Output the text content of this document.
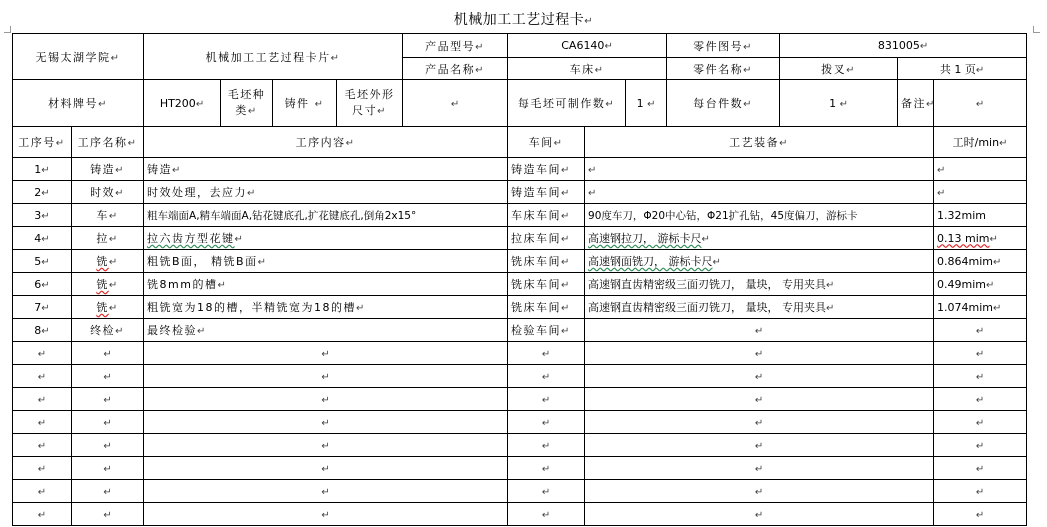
机械加工工艺过程卡↵
无锡太湖学院↵		机械加工工艺过程卡片↵				产品型号↵	CA6140↵			零件图号↵	831005↵			
						产品名称↵	车床↵			零件名称↵	拨叉↵	共 1 页↵	
材料牌号↵		HT200↵	毛坯种类↵	铸件 ↵	毛坯外形尺寸↵	↵	每毛坯可制作数↵		1 ↵	每台件数↵	1 ↵	备注↵	↵	
工序号↵	工序名称↵	工序内容↵					车间↵	工艺装备↵					工时/min↵	
1↵	铸造↵	铸造↵					铸造车间↵	↵					↵	
2↵	时效↵	时效处理，去应力↵					铸造车间↵	↵					↵	
3↵	车↵	粗车端面A,精车端面A,钻花键底孔,扩花键底孔,倒角2x15°					车床车间↵	90度车刀，Φ20中心钻，Φ21扩孔钻，45度偏刀，游标卡					1.32mim	
4↵	拉↵	拉六齿方型花键↵					拉床车间↵	高速钢拉刀， 游标卡尺↵					0.13 mim↵	
5↵	铣↵	粗铣B面， 精铣B面↵					铣床车间↵	高速钢面铣刀， 游标卡尺↵					0.864mim↵	
6↵	铣↵	铣8mm的槽↵					铣床车间↵	高速钢直齿精密级三面刃铣刀， 量块， 专用夹具↵					0.49mim↵	
7↵	铣↵	粗铣宽为18的槽，半精铣宽为18的槽↵					铣床车间↵	高速钢直齿精密级三面刃铣刀， 量块， 专用夹具↵					1.074mim↵	
8↵	终检↵	最终检验↵					检验车间↵	↵					↵	
↵	↵	↵					↵	↵					↵	
↵	↵	↵					↵	↵					↵	
↵	↵	↵					↵	↵					↵	
↵	↵	↵					↵	↵					↵	
↵	↵	↵					↵	↵					↵	
↵	↵	↵					↵	↵					↵	
↵	↵	↵					↵	↵					↵	
↵	↵	↵					↵	↵					↵	
